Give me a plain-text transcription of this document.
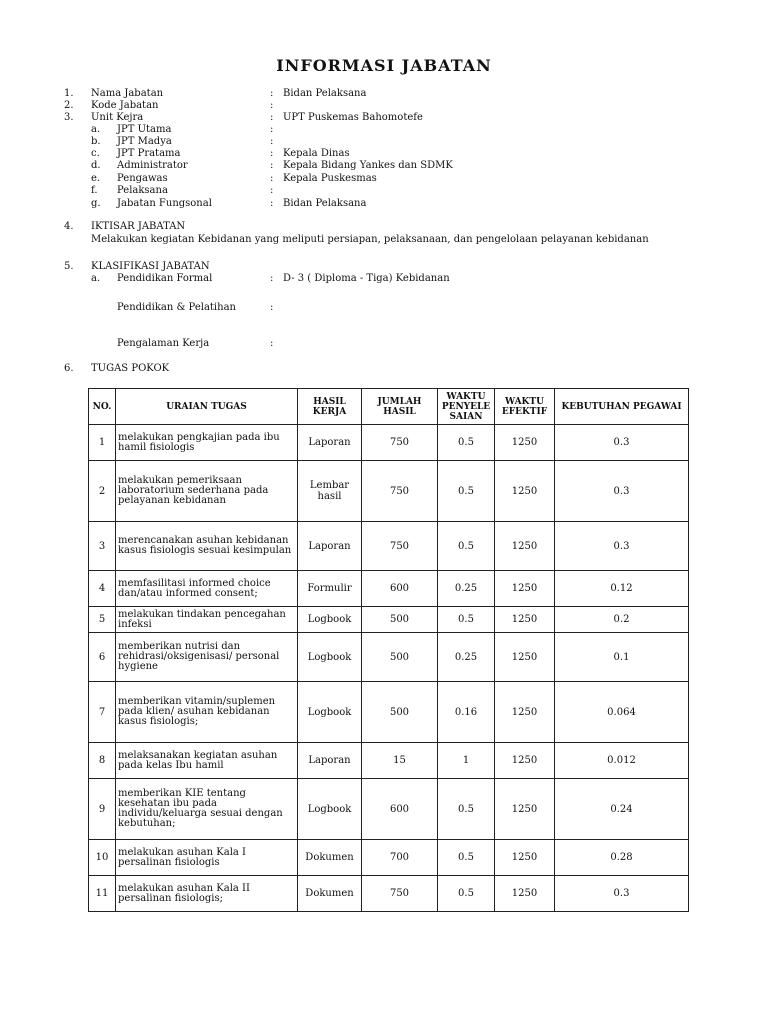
INFORMASI JABATAN
1. Nama Jabatan	: Bidan Pelaksana
2. Kode Jabatan	:
3. Unit Kejra	: UPT Puskemas Bahomotefe
a. JPT Utama	:
b. JPT Madya	:
c. JPT Pratama	: Kepala Dinas
d. Administrator	: Kepala Bidang Yankes dan SDMK
e. Pengawas	: Kepala Puskesmas
f. Pelaksana	:
g. Jabatan Fungsonal	: Bidan Pelaksana
4. IKTISAR JABATAN
Melakukan kegiatan Kebidanan yang meliputi persiapan, pelaksanaan, dan pengelolaan pelayanan kebidanan
5. KLASIFIKASI JABATAN
a. Pendidikan Formal	: D- 3 ( Diploma - Tiga) Kebidanan
Pendidikan & Pelatihan	:
Pengalaman Kerja	:
6. TUGAS POKOK
NO.	URAIAN TUGAS	HASIL KERJA	JUMLAH HASIL	WAKTU PENYELE SAIAN	WAKTU EFEKTIF	KEBUTUHAN PEGAWAI
1	melakukan pengkajian pada ibu hamil fisiologis	Laporan	750	0.5	1250	0.3
2	melakukan pemeriksaan laboratorium sederhana pada pelayanan kebidanan	Lembar hasil	750	0.5	1250	0.3
3	merencanakan asuhan kebidanan kasus fisiologis sesuai kesimpulan	Laporan	750	0.5	1250	0.3
4	memfasilitasi informed choice dan/atau informed consent;	Formulir	600	0.25	1250	0.12
5	melakukan tindakan pencegahan infeksi	Logbook	500	0.5	1250	0.2
6	memberikan nutrisi dan rehidrasi/oksigenisasi/ personal hygiene	Logbook	500	0.25	1250	0.1
7	memberikan vitamin/suplemen pada klien/ asuhan kebidanan kasus fisiologis;	Logbook	500	0.16	1250	0.064
8	melaksanakan kegiatan asuhan pada kelas Ibu hamil	Laporan	15	1	1250	0.012
9	memberikan KIE tentang kesehatan ibu pada individu/keluarga sesuai dengan kebutuhan;	Logbook	600	0.5	1250	0.24
10	melakukan asuhan Kala I persalinan fisiologis	Dokumen	700	0.5	1250	0.28
11	melakukan asuhan Kala II persalinan fisiologis;	Dokumen	750	0.5	1250	0.3
